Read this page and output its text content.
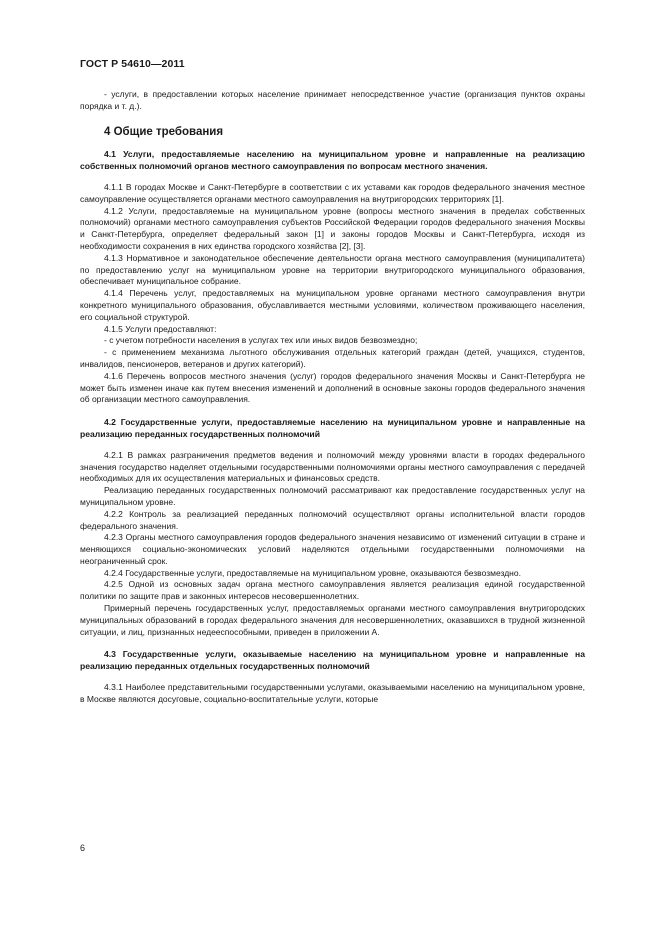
ГОСТ Р 54610—2011

- услуги, в предоставлении которых население принимает непосредственное участие (организация пунктов охраны порядка и т. д.).

4 Общие требования
4.1 Услуги, предоставляемые населению на муниципальном уровне и направленные на реализацию собственных полномочий органов местного самоуправления по вопросам местного значения.

4.1.1 В городах Москве и Санкт-Петербурге в соответствии с их уставами как городов федерального значения местное самоуправление осуществляется органами местного самоуправления на внутригородских территориях [1].

4.1.2 Услуги, предоставляемые на муниципальном уровне (вопросы местного значения в пределах собственных полномочий) органами местного самоуправления субъектов Российской Федерации городов федерального значения Москвы и Санкт-Петербурга, определяет федеральный закон [1] и законы городов Москвы и Санкт-Петербурга, исходя из необходимости сохранения в них единства городского хозяйства [2], [3].

4.1.3 Нормативное и законодательное обеспечение деятельности органа местного самоуправления (муниципалитета) по предоставлению услуг на муниципальном уровне на территории внутригородского муниципального образования, обеспечивает муниципальное собрание.

4.1.4 Перечень услуг, предоставляемых на муниципальном уровне органами местного самоуправления внутри конкретного муниципального образования, обуславливается местными условиями, количеством проживающего населения, его социальной структурой.

4.1.5 Услуги предоставляют:

- с учетом потребности населения в услугах тех или иных видов безвозмездно;

- с применением механизма льготного обслуживания отдельных категорий граждан (детей, учащихся, студентов, инвалидов, пенсионеров, ветеранов и других категорий).

4.1.6 Перечень вопросов местного значения (услуг) городов федерального значения Москвы и Санкт-Петербурга не может быть изменен иначе как путем внесения изменений и дополнений в основные законы городов федерального значения об организации местного самоуправления.

4.2 Государственные услуги, предоставляемые населению на муниципальном уровне и направленные на реализацию переданных государственных полномочий

4.2.1 В рамках разграничения предметов ведения и полномочий между уровнями власти в городах федерального значения государство наделяет отдельными государственными полномочиями органы местного самоуправления с передачей необходимых для их осуществления материальных и финансовых средств.

Реализацию переданных государственных полномочий рассматривают как предоставление государственных услуг на муниципальном уровне.

4.2.2 Контроль за реализацией переданных полномочий осуществляют органы исполнительной власти городов федерального значения.

4.2.3 Органы местного самоуправления городов федерального значения независимо от изменений ситуации в стране и меняющихся социально-экономических условий наделяются отдельными государственными полномочиями на неограниченный срок.

4.2.4 Государственные услуги, предоставляемые на муниципальном уровне, оказываются безвозмездно.

4.2.5 Одной из основных задач органа местного самоуправления является реализация единой государственной политики по защите прав и законных интересов несовершеннолетних.

Примерный перечень государственных услуг, предоставляемых органами местного самоуправления внутригородских муниципальных образований в городах федерального значения для несовершеннолетних, оказавшихся в трудной жизненной ситуации, и лиц, признанных недееспособными, приведен в приложении А.

4.3 Государственные услуги, оказываемые населению на муниципальном уровне и направленные на реализацию переданных отдельных государственных полномочий

4.3.1 Наиболее представительными государственными услугами, оказываемыми населению на муниципальном уровне, в Москве являются досуговые, социально-воспитательные услуги, которые

6
